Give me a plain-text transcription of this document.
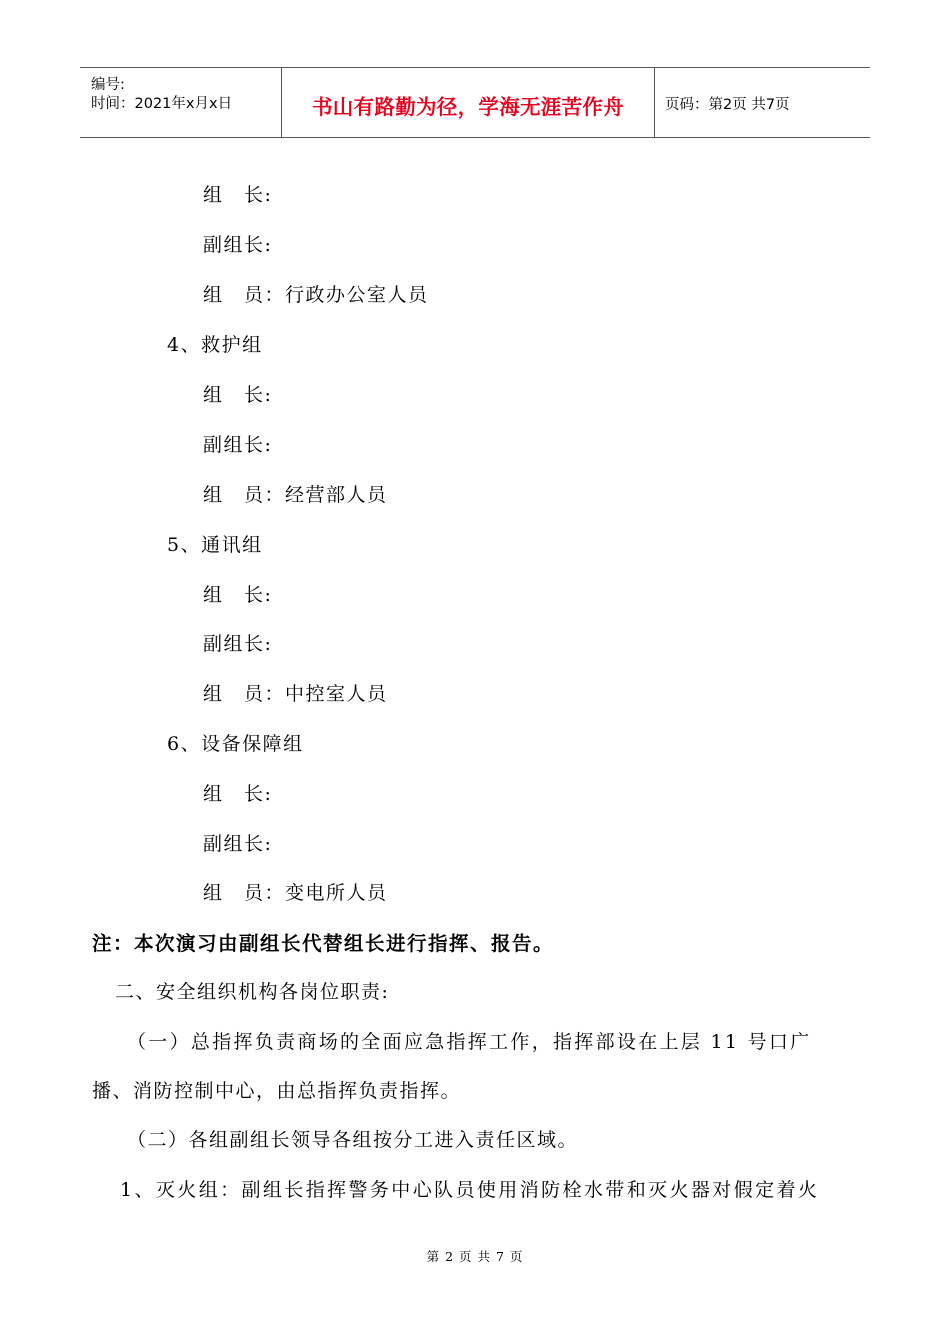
编号:
时间：2021年x月x日	书山有路勤为径，学海无涯苦作舟	页码：第2页 共7页
组　长:
副组长:
组　员：行政办公室人员
4、救护组
组　长:
副组长:
组　员：经营部人员
5、通讯组
组　长:
副组长:
组　员：中控室人员
6、设备保障组
组　长:
副组长:
组　员：变电所人员
注：本次演习由副组长代替组长进行指挥、报告。
二、安全组织机构各岗位职责:
（一）总指挥负责商场的全面应急指挥工作，指挥部设在上层 11 号口广
播、消防控制中心，由总指挥负责指挥。
（二）各组副组长领导各组按分工进入责任区域。
1、灭火组：副组长指挥警务中心队员使用消防栓水带和灭火器对假定着火
第 2 页 共 7 页
